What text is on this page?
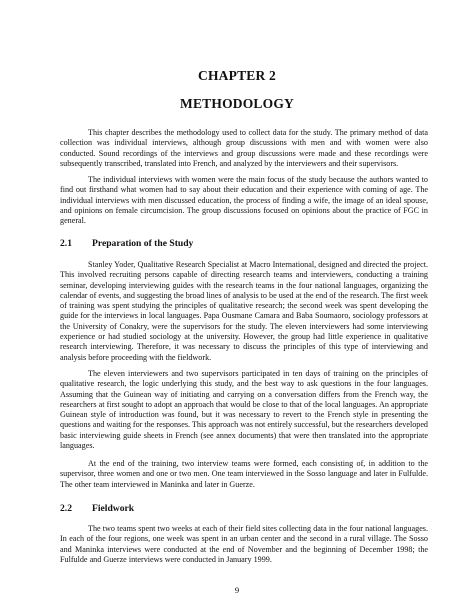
CHAPTER 2
METHODOLOGY

This chapter describes the methodology used to collect data for the study. The primary method of data collection was individual interviews, although group discussions with men and with women were also conducted. Sound recordings of the interviews and group discussions were made and these recordings were subsequently transcribed, translated into French, and analyzed by the interviewers and their supervisors.

The individual interviews with women were the main focus of the study because the authors wanted to find out firsthand what women had to say about their education and their experience with coming of age. The individual interviews with men discussed education, the process of finding a wife, the image of an ideal spouse, and opinions on female circumcision. The group discussions focused on opinions about the practice of FGC in general.

2.1 Preparation of the Study

Stanley Yoder, Qualitative Research Specialist at Macro International, designed and directed the project. This involved recruiting persons capable of directing research teams and interviewers, conducting a training seminar, developing interviewing guides with the research teams in the four national languages, organizing the calendar of events, and suggesting the broad lines of analysis to be used at the end of the research. The first week of training was spent studying the principles of qualitative research; the second week was spent developing the guide for the interviews in local languages. Papa Ousmane Camara and Baba Soumaoro, sociology professors at the University of Conakry, were the supervisors for the study. The eleven interviewers had some interviewing experience or had studied sociology at the university. However, the group had little experience in qualitative research interviewing. Therefore, it was necessary to discuss the principles of this type of interviewing and analysis before proceeding with the fieldwork.

The eleven interviewers and two supervisors participated in ten days of training on the principles of qualitative research, the logic underlying this study, and the best way to ask questions in the four languages. Assuming that the Guinean way of initiating and carrying on a conversation differs from the French way, the researchers at first sought to adopt an approach that would be close to that of the local languages. An appropriate Guinean style of introduction was found, but it was necessary to revert to the French style in presenting the questions and waiting for the responses. This approach was not entirely successful, but the researchers developed basic interviewing guide sheets in French (see annex documents) that were then translated into the appropriate languages.

At the end of the training, two interview teams were formed, each consisting of, in addition to the supervisor, three women and one or two men. One team interviewed in the Sosso language and later in Fulfulde. The other team interviewed in Maninka and later in Guerze.

2.2 Fieldwork

The two teams spent two weeks at each of their field sites collecting data in the four national languages. In each of the four regions, one week was spent in an urban center and the second in a rural village. The Sosso and Maninka interviews were conducted at the end of November and the beginning of December 1998; the Fulfulde and Guerze interviews were conducted in January 1999.

9
